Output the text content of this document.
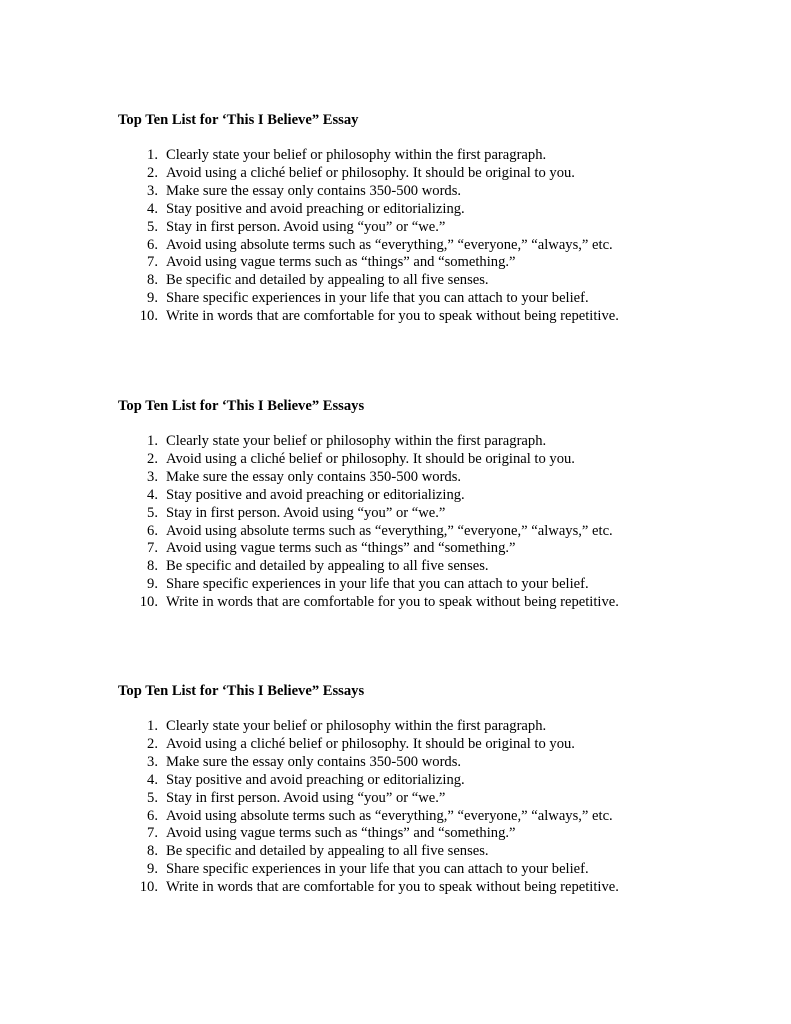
Top Ten List for ‘This I Believe” Essay
1. Clearly state your belief or philosophy within the first paragraph.
2. Avoid using a cliché belief or philosophy. It should be original to you.
3. Make sure the essay only contains 350-500 words.
4. Stay positive and avoid preaching or editorializing.
5. Stay in first person. Avoid using “you” or “we.”
6. Avoid using absolute terms such as “everything,” “everyone,” “always,” etc.
7. Avoid using vague terms such as “things” and “something.”
8. Be specific and detailed by appealing to all five senses.
9. Share specific experiences in your life that you can attach to your belief.
10. Write in words that are comfortable for you to speak without being repetitive.
Top Ten List for ‘This I Believe” Essays
1. Clearly state your belief or philosophy within the first paragraph.
2. Avoid using a cliché belief or philosophy. It should be original to you.
3. Make sure the essay only contains 350-500 words.
4. Stay positive and avoid preaching or editorializing.
5. Stay in first person. Avoid using “you” or “we.”
6. Avoid using absolute terms such as “everything,” “everyone,” “always,” etc.
7. Avoid using vague terms such as “things” and “something.”
8. Be specific and detailed by appealing to all five senses.
9. Share specific experiences in your life that you can attach to your belief.
10. Write in words that are comfortable for you to speak without being repetitive.
Top Ten List for ‘This I Believe” Essays
1. Clearly state your belief or philosophy within the first paragraph.
2. Avoid using a cliché belief or philosophy. It should be original to you.
3. Make sure the essay only contains 350-500 words.
4. Stay positive and avoid preaching or editorializing.
5. Stay in first person. Avoid using “you” or “we.”
6. Avoid using absolute terms such as “everything,” “everyone,” “always,” etc.
7. Avoid using vague terms such as “things” and “something.”
8. Be specific and detailed by appealing to all five senses.
9. Share specific experiences in your life that you can attach to your belief.
10. Write in words that are comfortable for you to speak without being repetitive.
